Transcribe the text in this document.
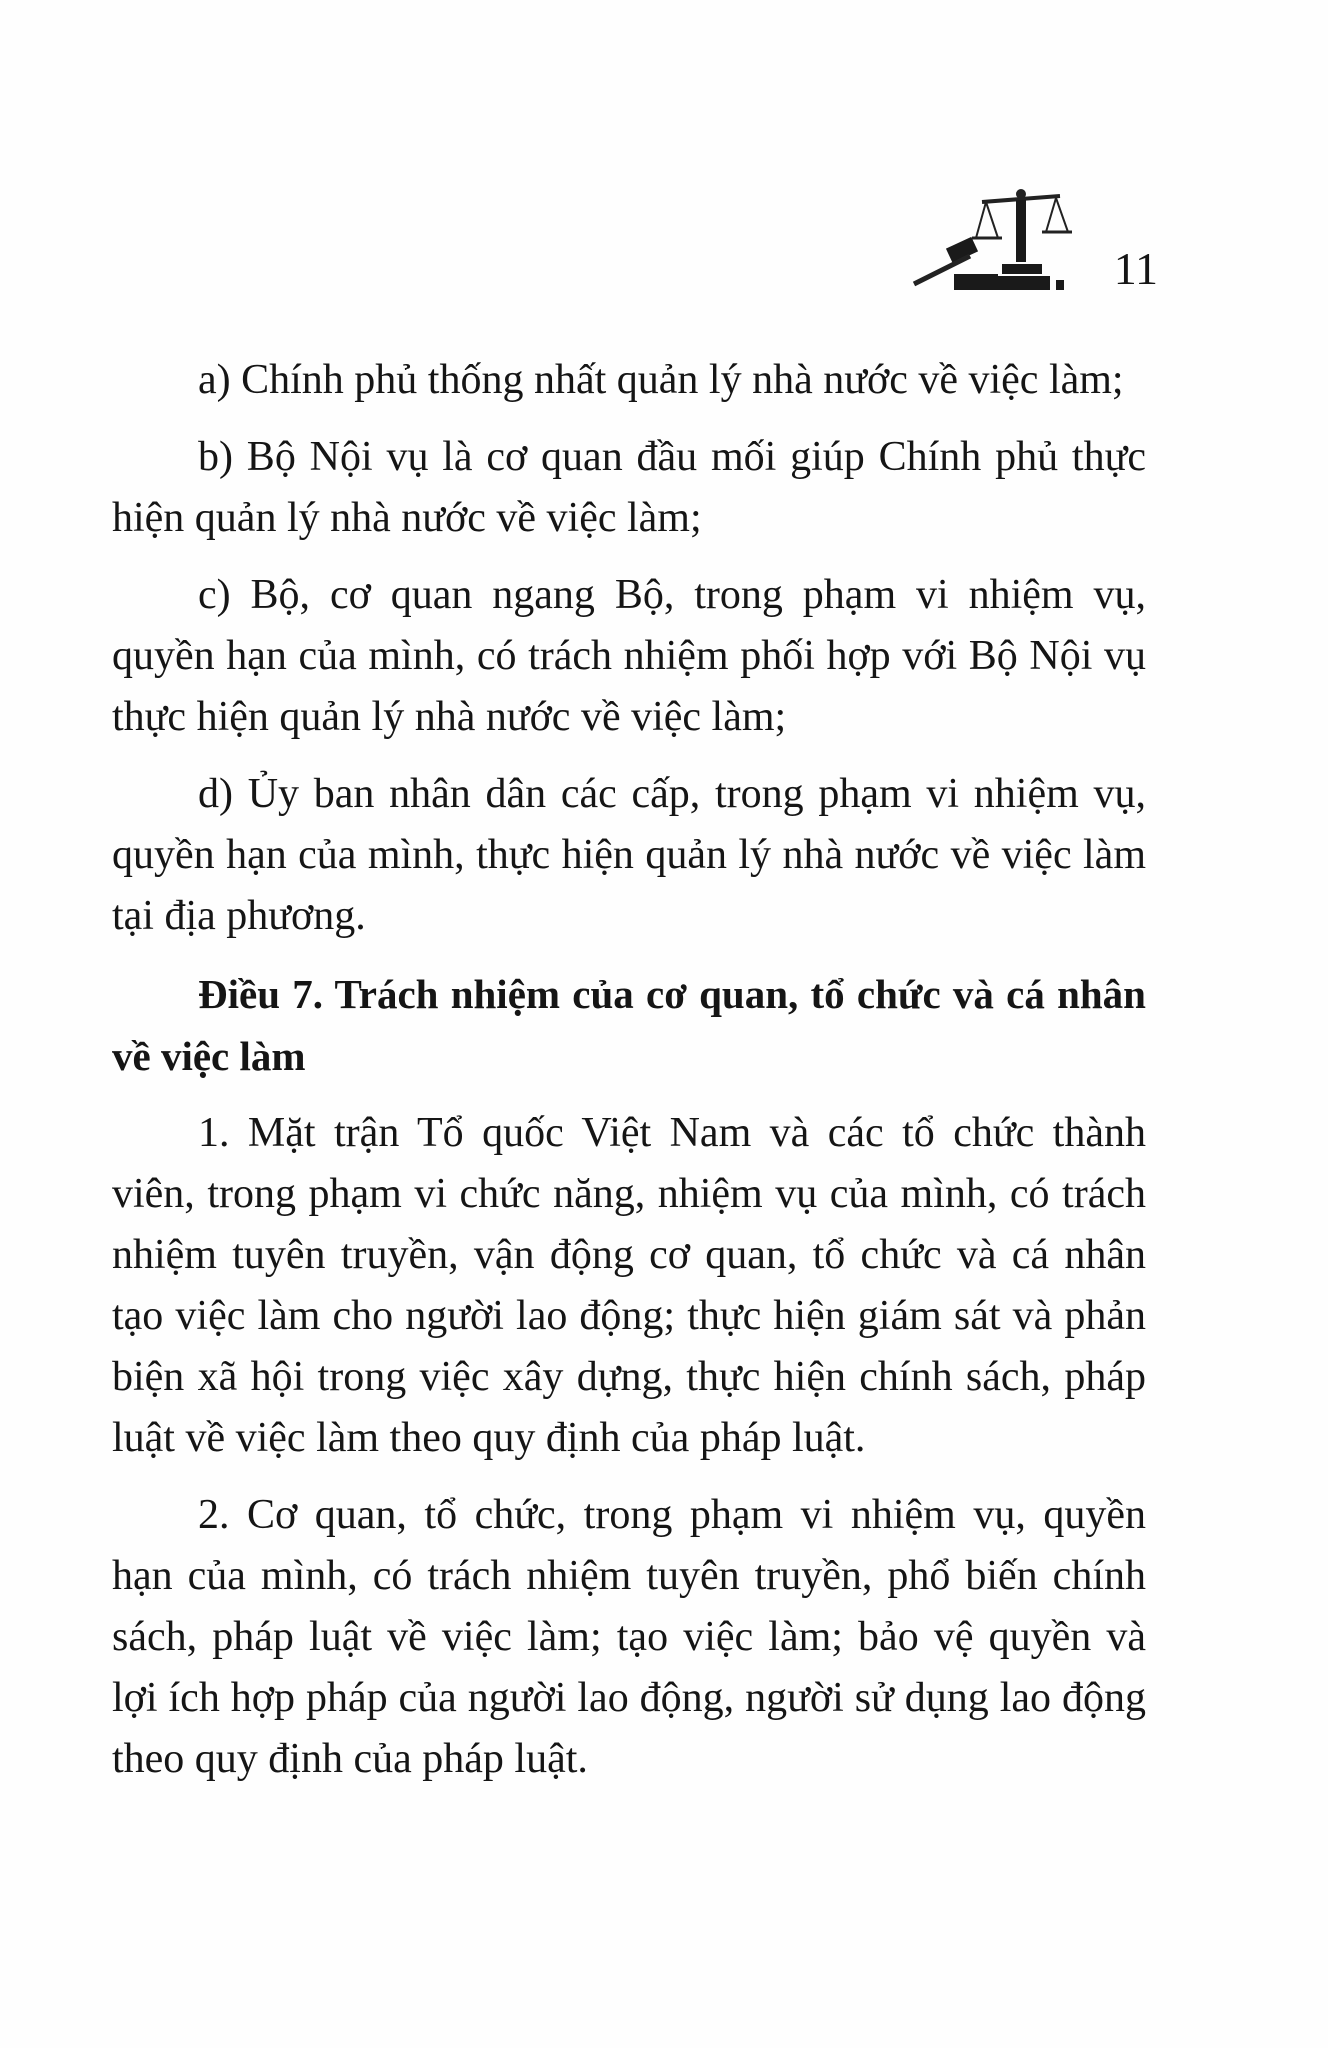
11

a) Chính phủ thống nhất quản lý nhà nước về việc làm;

b) Bộ Nội vụ là cơ quan đầu mối giúp Chính phủ thực hiện quản lý nhà nước về việc làm;

c) Bộ, cơ quan ngang Bộ, trong phạm vi nhiệm vụ, quyền hạn của mình, có trách nhiệm phối hợp với Bộ Nội vụ thực hiện quản lý nhà nước về việc làm;

d) Ủy ban nhân dân các cấp, trong phạm vi nhiệm vụ, quyền hạn của mình, thực hiện quản lý nhà nước về việc làm tại địa phương.

Điều 7. Trách nhiệm của cơ quan, tổ chức và cá nhân về việc làm

1. Mặt trận Tổ quốc Việt Nam và các tổ chức thành viên, trong phạm vi chức năng, nhiệm vụ của mình, có trách nhiệm tuyên truyền, vận động cơ quan, tổ chức và cá nhân tạo việc làm cho người lao động; thực hiện giám sát và phản biện xã hội trong việc xây dựng, thực hiện chính sách, pháp luật về việc làm theo quy định của pháp luật.

2. Cơ quan, tổ chức, trong phạm vi nhiệm vụ, quyền hạn của mình, có trách nhiệm tuyên truyền, phổ biến chính sách, pháp luật về việc làm; tạo việc làm; bảo vệ quyền và lợi ích hợp pháp của người lao động, người sử dụng lao động theo quy định của pháp luật.
